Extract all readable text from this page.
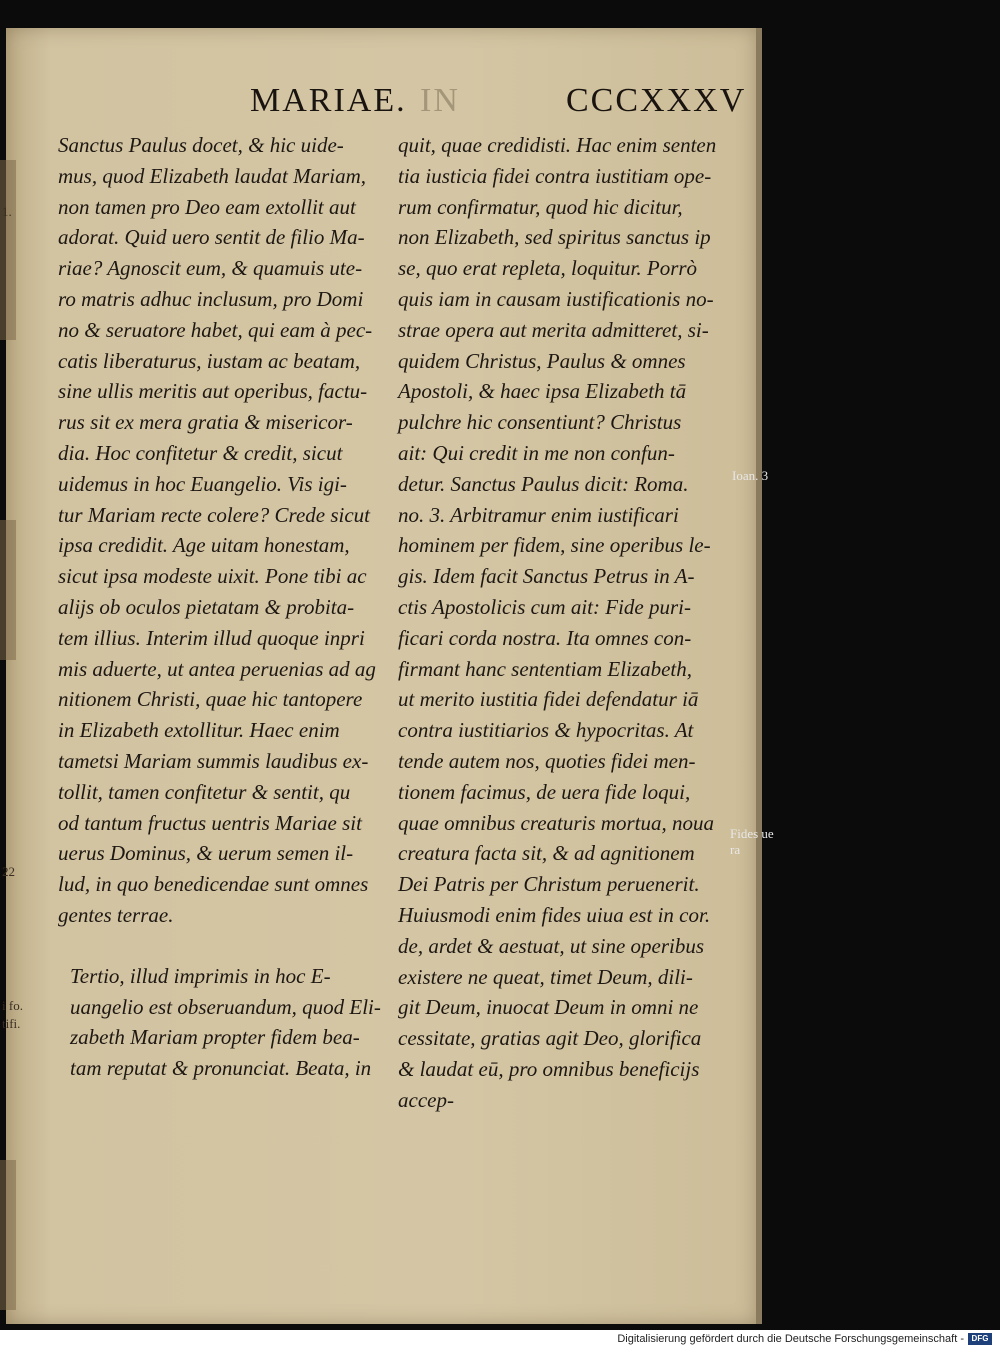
MARIAE. IN	CCCXXXV
Sanctus Paulus docet, & hic uide-
mus, quod Elizabeth laudat Mariam,
non tamen pro Deo eam extollit aut
adorat. Quid uero sentit de filio Ma-
riae? Agnoscit eum, & quamuis ute-
ro matris adhuc inclusum, pro Domi
no & seruatore habet, qui eam à pec-
catis liberaturus, iustam ac beatam,
sine ullis meritis aut operibus, factu-
rus sit ex mera gratia & misericor-
dia. Hoc confitetur & credit, sicut
uidemus in hoc Euangelio. Vis igi-
tur Mariam recte colere? Crede sicut
ipsa credidit. Age uitam honestam,
sicut ipsa modeste uixit. Pone tibi ac
alijs ob oculos pietatam & probita-
tem illius. Interim illud quoque inpri
mis aduerte, ut antea peruenias ad ag
nitionem Christi, quae hic tantopere
in Elizabeth extollitur. Haec enim
tametsi Mariam summis laudibus ex-
tollit, tamen confitetur & sentit, qu
od tantum fructus uentris Mariae sit
uerus Dominus, & uerum semen il-
lud, in quo benedicendae sunt omnes
gentes terrae.
Tertio, illud imprimis in hoc E-
uangelio est obseruandum, quod Eli-
zabeth Mariam propter fidem bea-
tam reputat & pronunciat. Beata, in
quit, quae credidisti. Hac enim senten
tia iusticia fidei contra iustitiam ope-
rum confirmatur, quod hic dicitur,
non Elizabeth, sed spiritus sanctus ip
se, quo erat repleta, loquitur. Porrò
quis iam in causam iustificationis no-
strae opera aut merita admitteret, si-
quidem Christus, Paulus & omnes
Apostoli, & haec ipsa Elizabeth tā
pulchre hic consentiunt? Christus
ait: Qui credit in me non confun-
detur. Sanctus Paulus dicit: Roma.
no. 3. Arbitramur enim iustificari
hominem per fidem, sine operibus le-
gis. Idem facit Sanctus Petrus in A-
ctis Apostolicis cum ait: Fide puri-
ficari corda nostra. Ita omnes con-
firmant hanc sententiam Elizabeth,
ut merito iustitia fidei defendatur iā
contra iustitiarios & hypocritas. At
tende autem nos, quoties fidei men-
tionem facimus, de uera fide loqui,
quae omnibus creaturis mortua, noua
creatura facta sit, & ad agnitionem
Dei Patris per Christum peruenerit.
Huiusmodi enim fides uiua est in cor.
de, ardet & aestuat, ut sine operibus
existere ne queat, timet Deum, dili-
git Deum, inuocat Deum in omni ne
cessitate, gratias agit Deo, glorifica
& laudat eū, pro omnibus beneficijs
accep-
Ioan. 3
Fides ue
ra
1.
22
i fo.
tifi.
Digitalisierung gefördert durch die Deutsche Forschungsgemeinschaft - DFG
